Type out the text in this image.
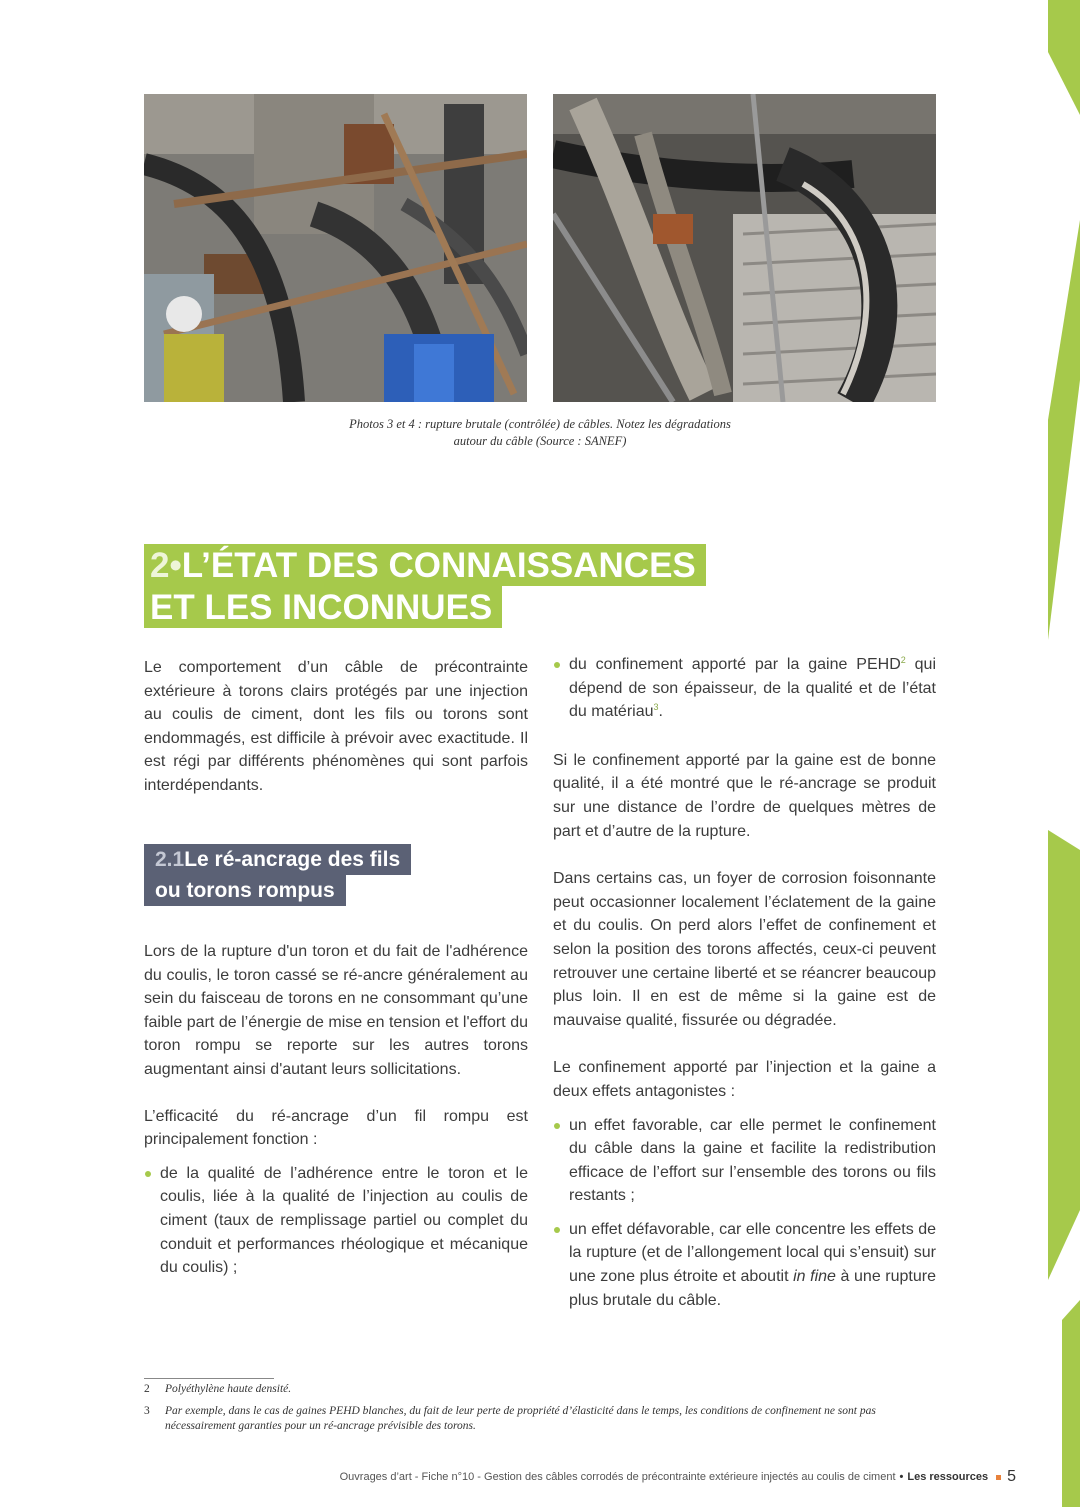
Photos 3 et 4 : rupture brutale (contrôlée) de câbles. Notez les dégradations
autour du câble (Source : SANEF)
2•L’ÉTAT DES CONNAISSANCES
ET LES INCONNUES

Le comportement d’un câble de précontrainte extérieure à torons clairs protégés par une injection au coulis de ciment, dont les fils ou torons sont endommagés, est difficile à prévoir avec exactitude. Il est régi par différents phénomènes qui sont parfois interdépendants.

2.1Le ré-ancrage des fils
ou torons rompus

Lors de la rupture d'un toron et du fait de l'adhérence du coulis, le toron cassé se ré-ancre généralement au sein du faisceau de torons en ne consommant qu’une faible part de l’énergie de mise en tension et l'effort du toron rompu se reporte sur les autres torons augmentant ainsi d'autant leurs sollicitations.

L’efficacité du ré-ancrage d’un fil rompu est principalement fonction :

de la qualité de l’adhérence entre le toron et le coulis, liée à la qualité de l’injection au coulis de ciment (taux de remplissage partiel ou complet du conduit et performances rhéologique et mécanique du coulis) ;

du confinement apporté par la gaine PEHD$^2$ qui dépend de son épaisseur, de la qualité et de l’état du matériau$^3$.

Si le confinement apporté par la gaine est de bonne qualité, il a été montré que le ré-ancrage se produit sur une distance de l’ordre de quelques mètres de part et d’autre de la rupture.

Dans certains cas, un foyer de corrosion foisonnante peut occasionner localement l’éclatement de la gaine et du coulis. On perd alors l’effet de confinement et selon la position des torons affectés, ceux-ci peuvent retrouver une certaine liberté et se réancrer beaucoup plus loin. Il en est de même si la gaine est de mauvaise qualité, fissurée ou dégradée.

Le confinement apporté par l’injection et la gaine a deux effets antagonistes :

un effet favorable, car elle permet le confinement du câble dans la gaine et facilite la redistribution efficace de l’effort sur l’ensemble des torons ou fils restants ;

un effet défavorable, car elle concentre les effets de la rupture (et de l’allongement local qui s’ensuit) sur une zone plus étroite et aboutit in fine à une rupture plus brutale du câble.

2 Polyéthylène haute densité.
3 Par exemple, dans le cas de gaines PEHD blanches, du fait de leur perte de propriété d’élasticité dans le temps, les conditions de confinement ne sont pas nécessairement garanties pour un ré-ancrage prévisible des torons.
Ouvrages d’art - Fiche n°10 - Gestion des câbles corrodés de précontrainte extérieure injectés au coulis de ciment • Les ressources 5
